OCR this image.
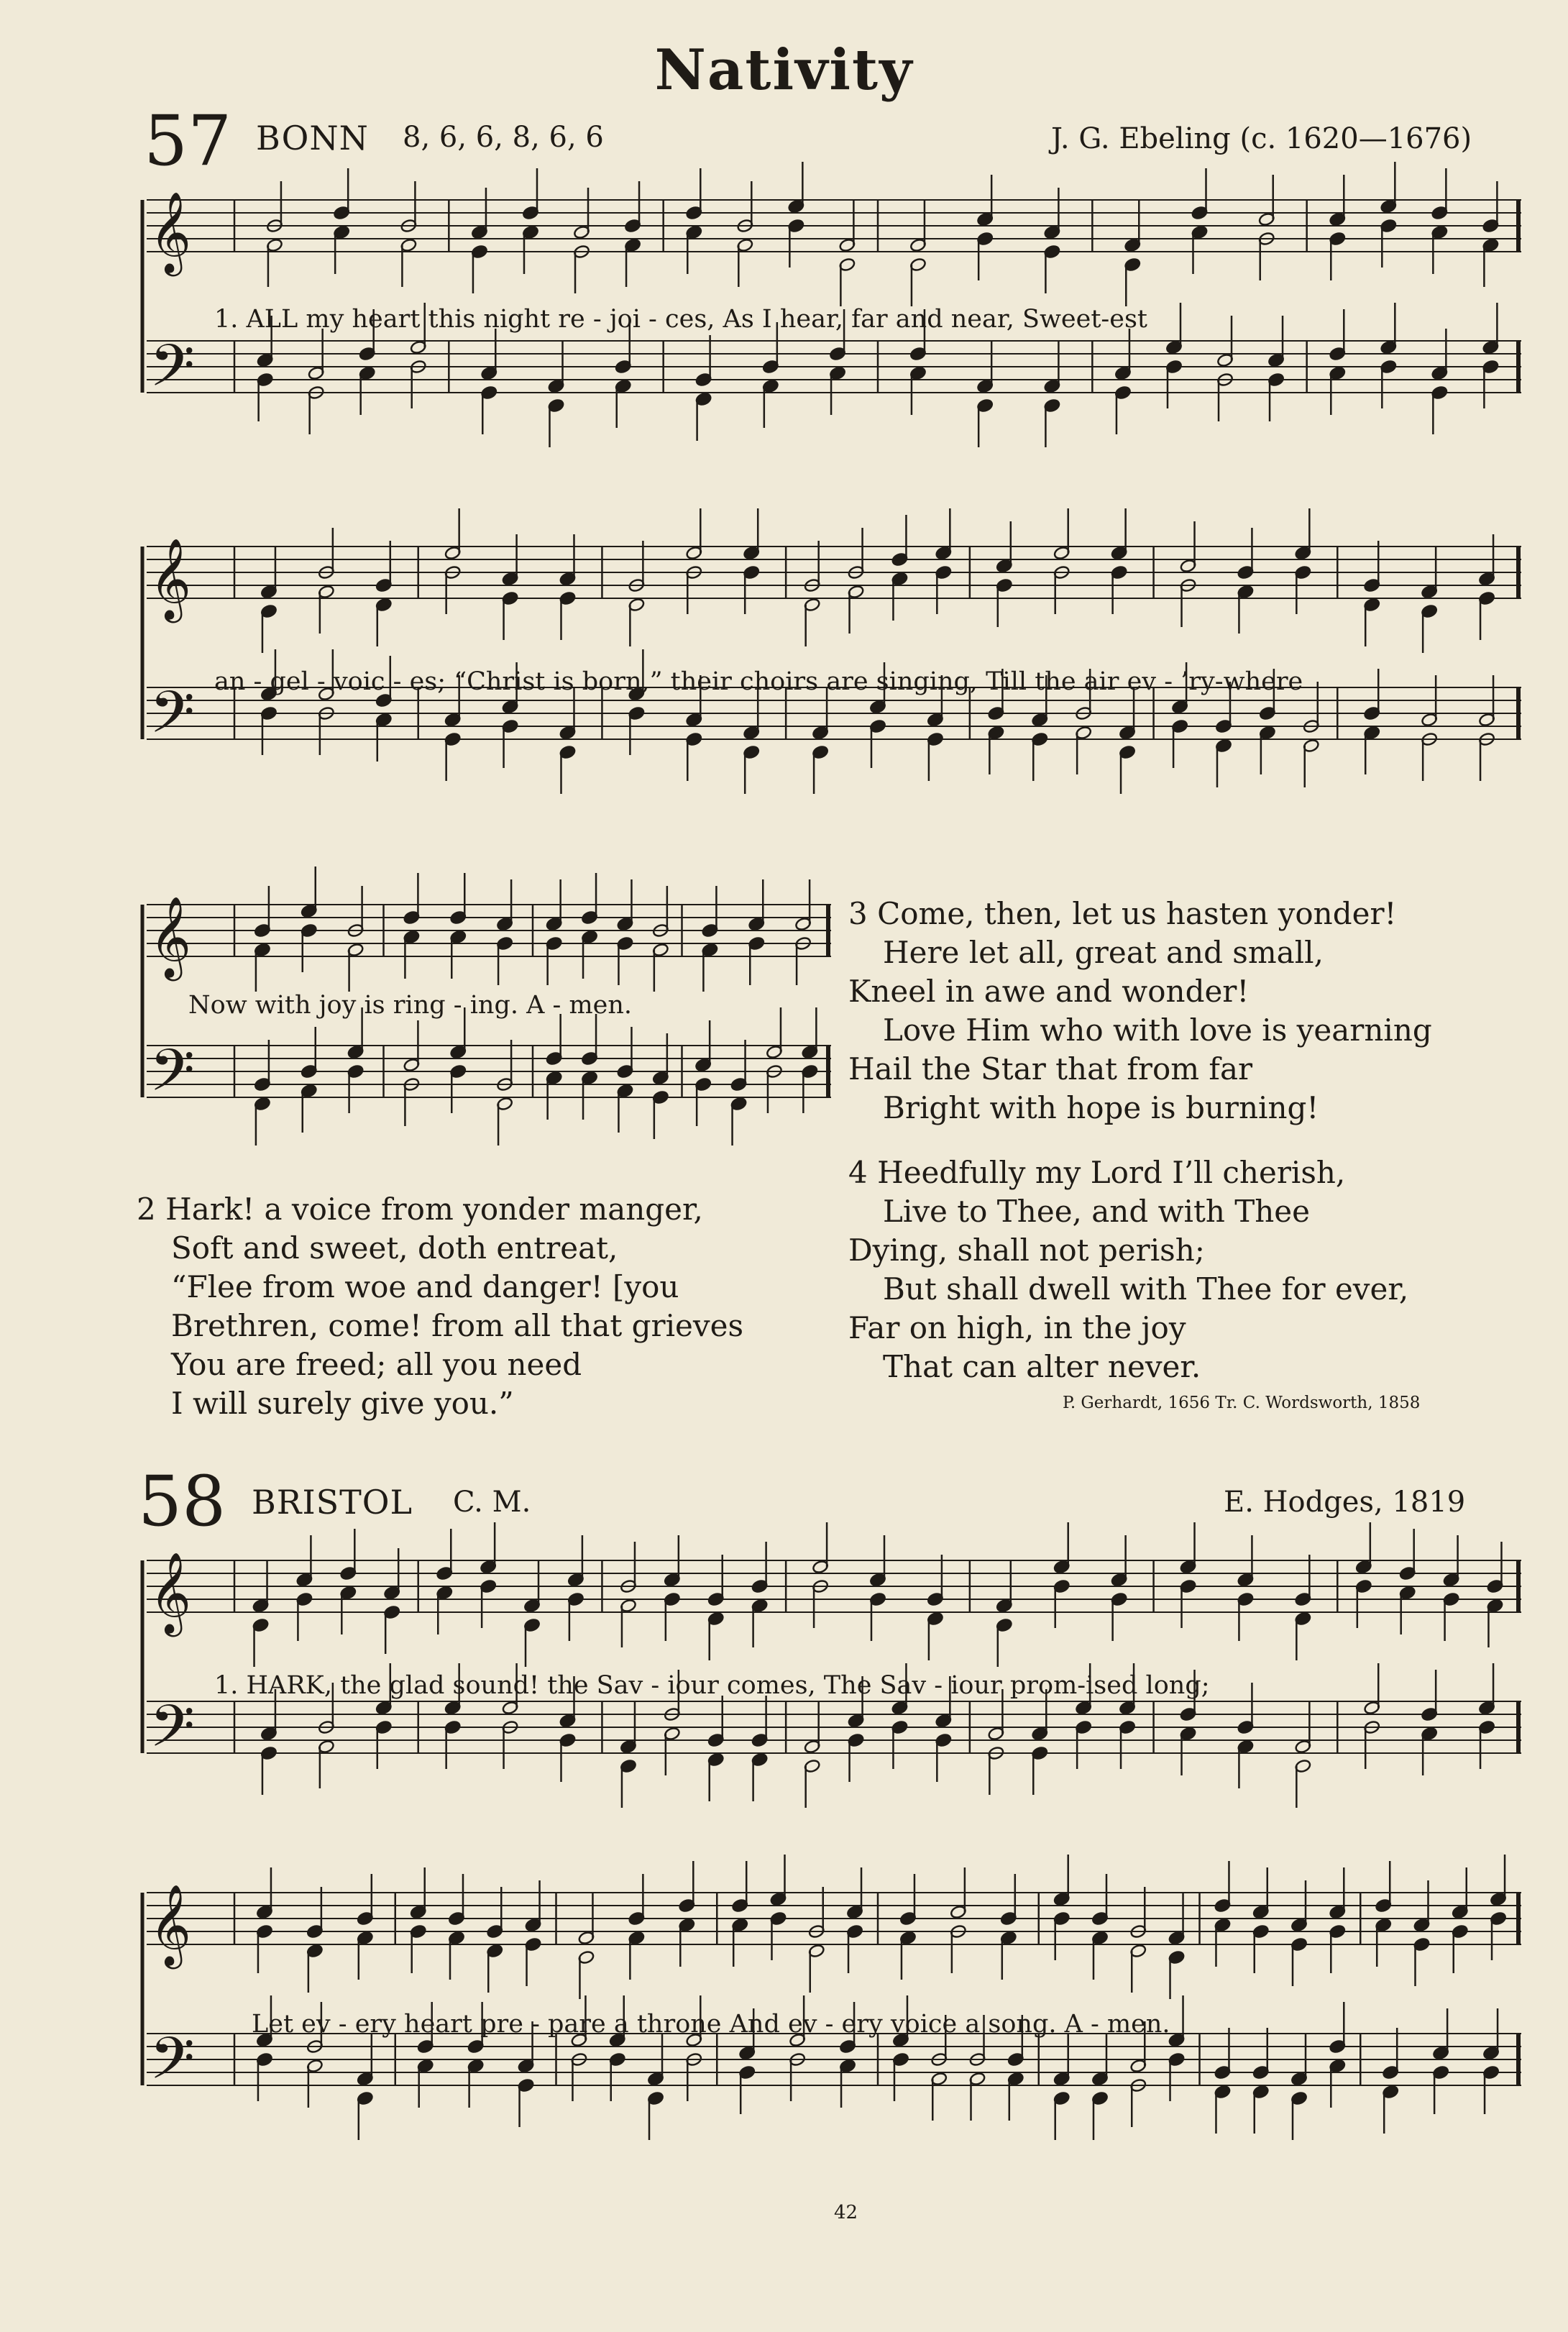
Nativity
57 BONN 8, 6, 6, 8, 6, 6	J. G. Ebeling (c. 1620—1676)
𝄞
𝄢
1. ALL my heart this night re - joi - ces, As I hear, far and near, Sweet-est
𝄞
𝄢 an - gel - voic - es; “Christ is born,” their choirs are singing, Till the air ev - ’ry-where
𝄞
𝄢
Now with joy is ring - ing. A - men.
2 Hark! a voice from yonder manger,
Soft and sweet, doth entreat,
“Flee from woe and danger! [you
Brethren, come! from all that grieves
You are freed; all you need
I will surely give you.”
3 Come, then, let us hasten yonder!
Here let all, great and small,
Kneel in awe and wonder!
Love Him who with love is yearning
Hail the Star that from far
Bright with hope is burning!
4 Heedfully my Lord I’ll cherish,
Live to Thee, and with Thee
Dying, shall not perish;
But shall dwell with Thee for ever,
Far on high, in the joy
That can alter never.
P. Gerhardt, 1656 Tr. C. Wordsworth, 1858
58 BRISTOL C. M.	E. Hodges, 1819
𝄞
𝄢
1. HARK, the glad sound! the Sav - iour comes, The Sav - iour prom-ised long;
𝄞
𝄢
Let ev - ery heart pre - pare a throne And ev - ery voice a song. A - men.
42
